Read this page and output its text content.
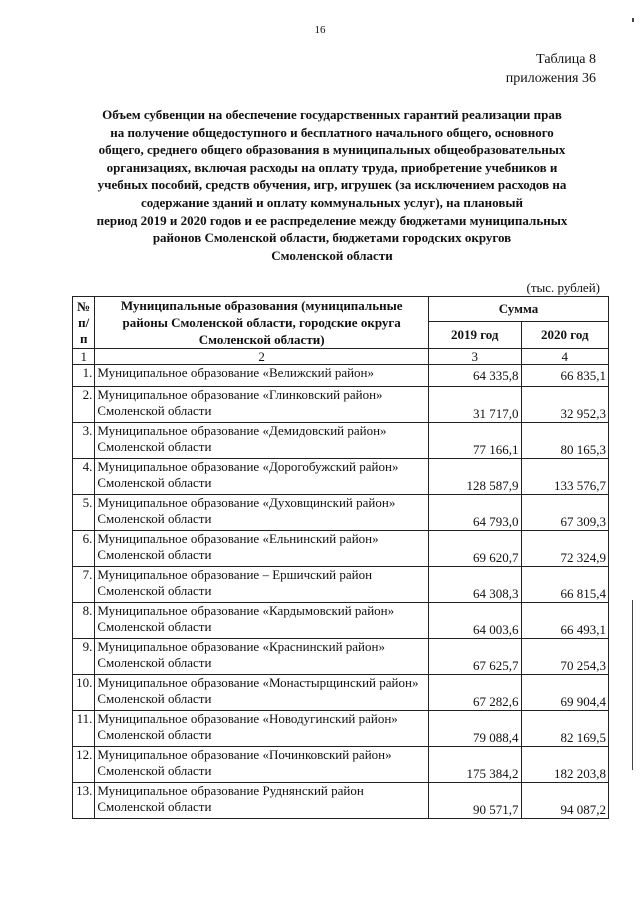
16
Таблица 8
приложения 36
Объем субвенции на обеспечение государственных гарантий реализации прав
на получение общедоступного и бесплатного начального общего, основного
общего, среднего общего образования в муниципальных общеобразовательных
организациях, включая расходы на оплату труда, приобретение учебников и
учебных пособий, средств обучения, игр, игрушек (за исключением расходов на
содержание зданий и оплату коммунальных услуг), на плановый
период 2019 и 2020 годов и ее распределение между бюджетами муниципальных
районов Смоленской области, бюджетами городских округов
Смоленской области
(тыс. рублей)
№
п/п	Муниципальные образования (муниципальные районы Смоленской области, городские округа Смоленской области)	Сумма	
		2019 год	2020 год
1	2	3	4
1.	Муниципальное образование «Велижский район»	64 335,8	66 835,1
2.	Муниципальное образование «Глинковский район» Смоленской области	31 717,0	32 952,3
3.	Муниципальное образование «Демидовский район» Смоленской области	77 166,1	80 165,3
4.	Муниципальное образование «Дорогобужский район» Смоленской области	128 587,9	133 576,7
5.	Муниципальное образование «Духовщинский район» Смоленской области	64 793,0	67 309,3
6.	Муниципальное образование «Ельнинский район» Смоленской области	69 620,7	72 324,9
7.	Муниципальное образование – Ершичский район Смоленской области	64 308,3	66 815,4
8.	Муниципальное образование «Кардымовский район» Смоленской области	64 003,6	66 493,1
9.	Муниципальное образование «Краснинский район» Смоленской области	67 625,7	70 254,3
10.	Муниципальное образование «Монастырщинский район» Смоленской области	67 282,6	69 904,4
11.	Муниципальное образование «Новодугинский район» Смоленской области	79 088,4	82 169,5
12.	Муниципальное образование «Починковский район» Смоленской области	175 384,2	182 203,8
13.	Муниципальное образование Руднянский район Смоленской области	90 571,7	94 087,2
